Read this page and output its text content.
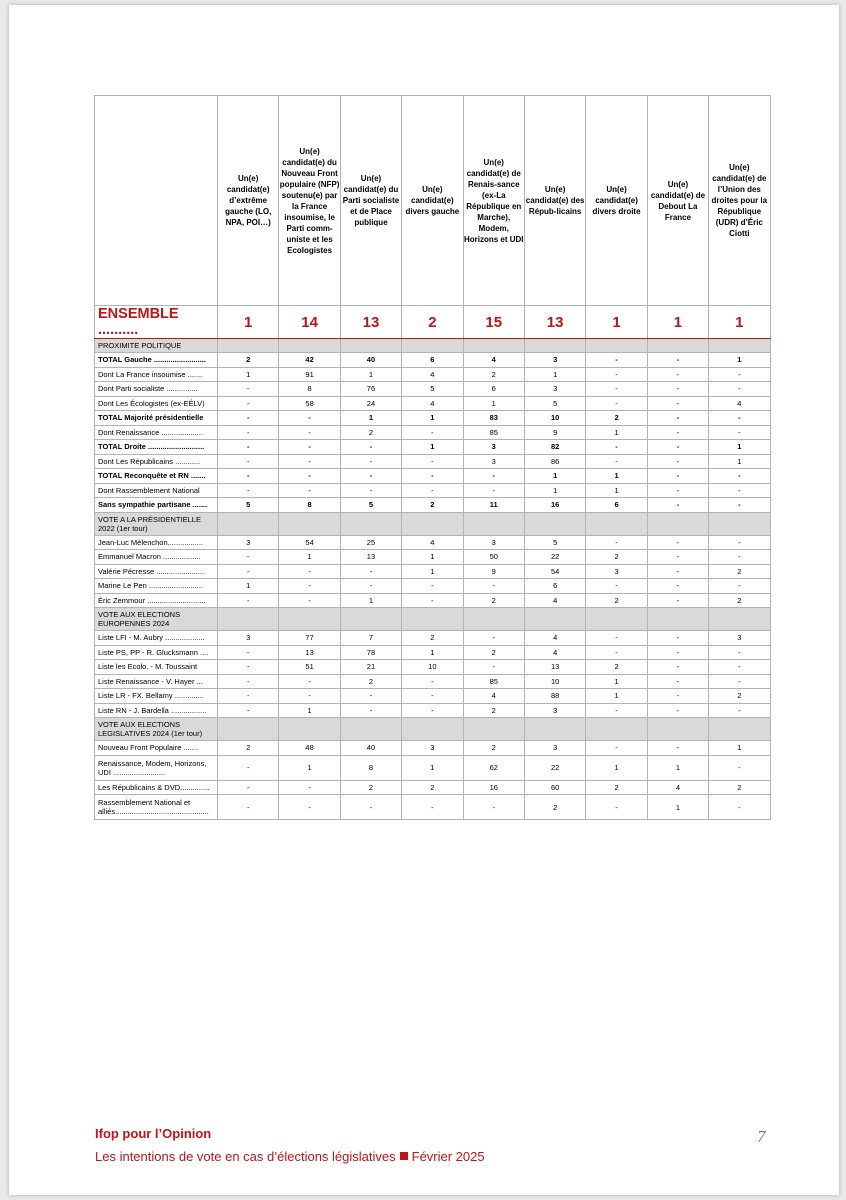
	Un(e) candidat(e) d’extrême gauche (LO, NPA, POI…)	Un(e) candidat(e) du Nouveau Front populaire (NFP) soutenu(e) par la France insoumise, le Parti comm-uniste et les Ecologistes	Un(e) candidat(e) du Parti socialiste et de Place publique	Un(e) candidat(e) divers gauche	Un(e) candidat(e) de Renais-sance (ex-La République en Marche), Modem, Horizons et UDI	Un(e) candidat(e) des Répub-licains	Un(e) candidat(e) divers droite	Un(e) candidat(e) de Debout La France	Un(e) candidat(e) de l’Union des droites pour la République (UDR) d’Éric Ciotti
ENSEMBLE ..........	1	14	13	2	15	13	1	1	1
PROXIMITE POLITIQUE									
TOTAL Gauche .........................	2	42	40	6	4	3	-	-	1
Dont La France insoumise .......	1	91	1	4	2	1	-	-	-
Dont Parti socialiste ...............	-	8	76	5	6	3	-	-	-
Dont Les Écologistes (ex-EÉLV)	-	58	24	4	1	5	-	-	4
TOTAL Majorité présidentielle	-	-	1	1	83	10	2	-	-
Dont Renaissance ....................	-	-	2	-	85	9	1	-	-
TOTAL Droite ...........................	-	-	-	1	3	82	-	-	1
Dont Les Républicains ............	-	-	-	-	3	86	-	-	1
TOTAL Reconquête et RN .......	-	-	-	-	-	1	1	-	-
Dont Rassemblement National	-	-	-	-	-	1	1	-	-
Sans sympathie partisane .......	5	8	5	2	11	16	6	-	-
VOTE A LA PRÉSIDENTIELLE 2022 (1er tour)									
Jean-Luc Mélenchon.................	3	54	25	4	3	5	-	-	-
Emmanuel Macron ..................	-	1	13	1	50	22	2	-	-
Valérie Pécresse .......................	-	-	-	1	9	54	3	-	2
Marine Le Pen ..........................	1	-	-	-	-	6	-	-	-
Éric Zemmour ............................	-	-	1	-	2	4	2	-	2
VOTE AUX ELECTIONS EUROPENNES 2024									
Liste LFI - M. Aubry ...................	3	77	7	2	-	4	-	-	3
Liste PS, PP - R. Glucksmann ....	-	13	78	1	2	4	-	-	-
Liste les Ecolo. - M. Toussaint	-	51	21	10	-	13	2	-	-
Liste Renaissance - V. Hayer ...	-	-	2	-	85	10	1	-	-
Liste LR - FX. Bellamy ..............	-	-	-	-	4	88	1	-	2
Liste RN - J. Bardella .................	-	1	-	-	2	3	-	-	-
VOTE AUX ELECTIONS LEGISLATIVES 2024 (1er tour)									
Nouveau Front Populaire .......	2	48	40	3	2	3	-	-	1
Renaissance, Modem, Horizons, UDI .........................	-	1	8	1	62	22	1	1	-
Les Républicains & DVD..............	-	-	2	2	16	60	2	4	2
Rassemblement National et alliés.............................................	-	-	-	-	-	2	-	1	-
Ifop pour l’Opinion
Les intentions de vote en cas d’élections législatives Février 2025
7
